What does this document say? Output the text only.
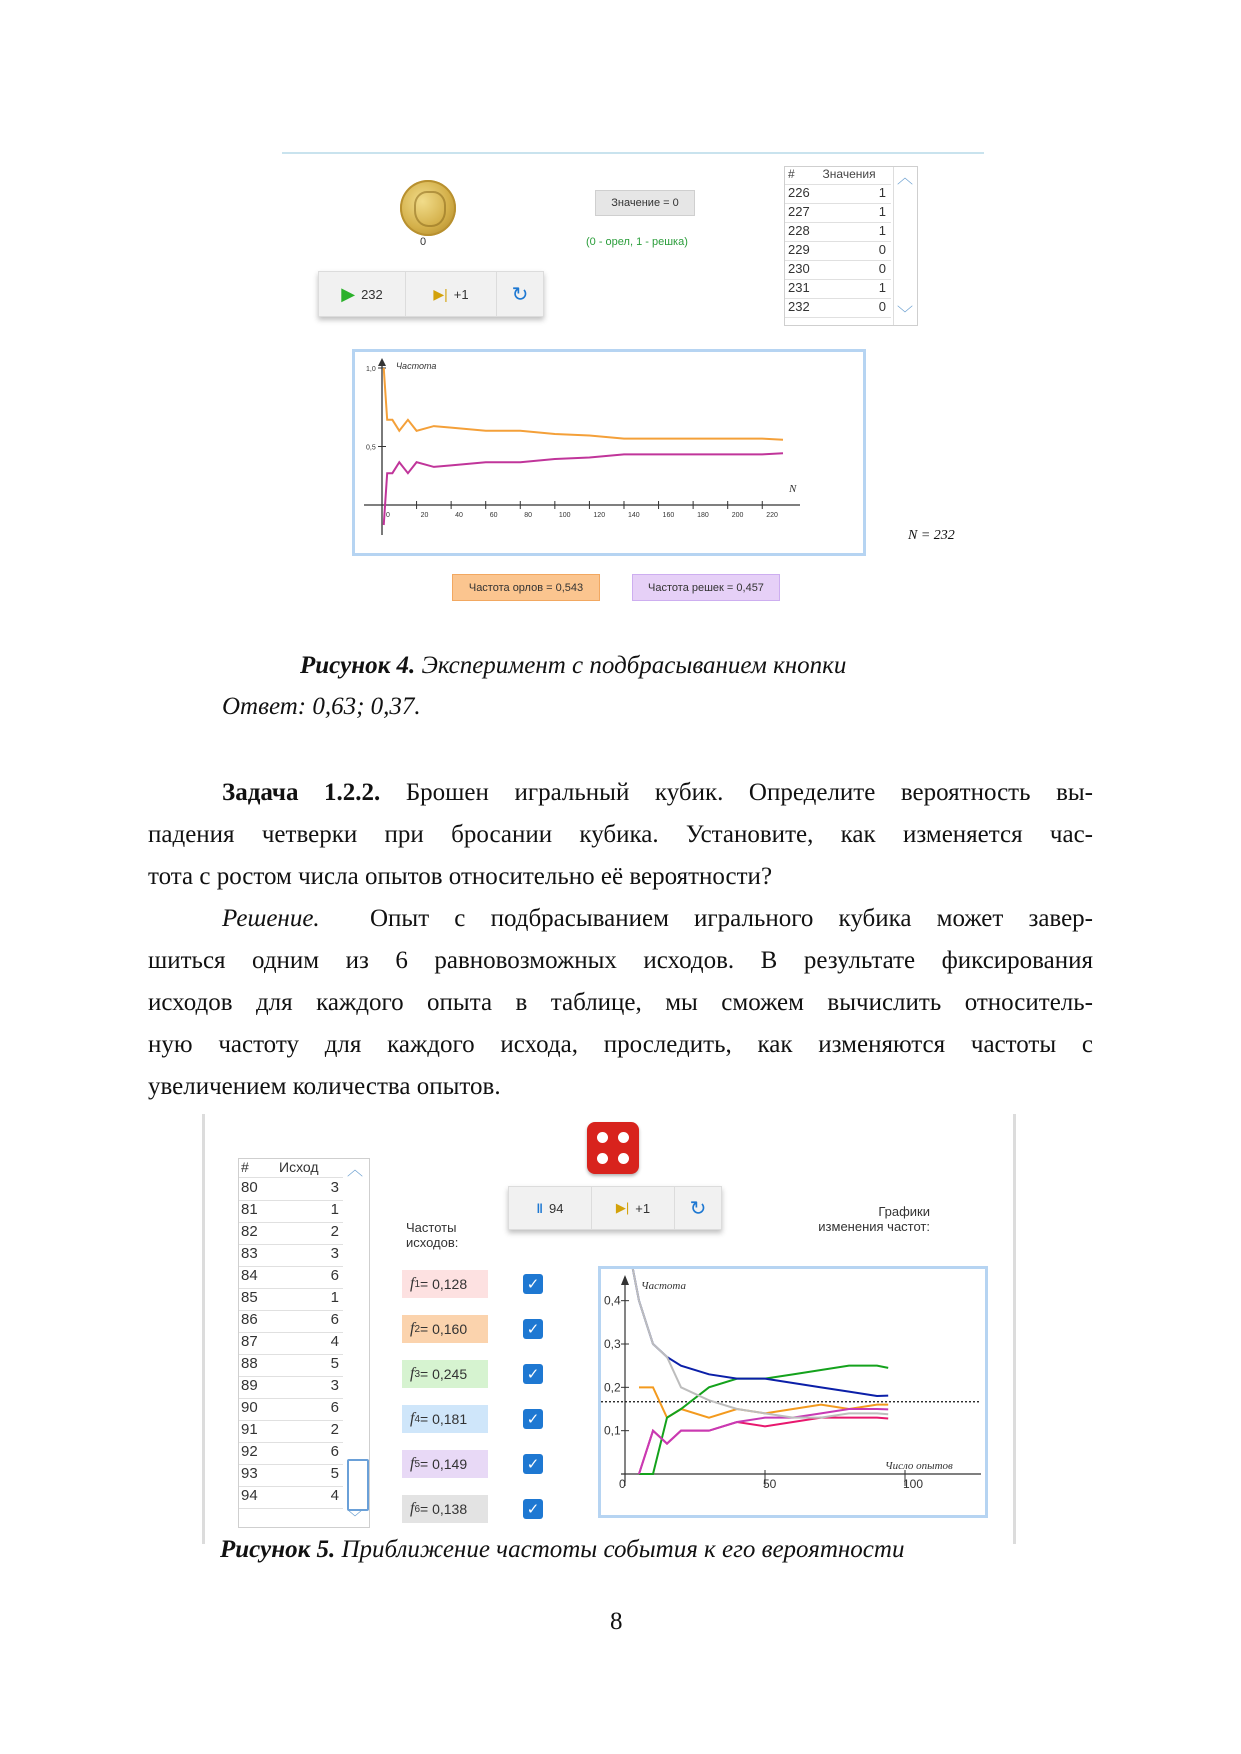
0
Значение = 0
(0 - орел, 1 - решка)
▶ 232	▶| +1 ↻
#	Значения
226	1
227	1
228	1
229	0
230	0
231	1
232	0
︿
﹀
Частота
N
0	20	40	60	80	100	120	140	160	180	200	220
1,0
0,5
N = 232
Частота орлов = 0,543	Частота решек = 0,457
Рисунок 4. Эксперимент с подбрасыванием кнопки
Ответ: 0,63; 0,37.
Задача 1.2.2. Брошен игральный кубик. Определите вероятность вы-
падения четверки при бросании кубика. Установите, как изменяется час-
тота с ростом числа опытов относительно её вероятности?
Решение. Опыт с подбрасыванием игрального кубика может завер-
шиться одним из 6 равновозможных исходов. В результате фиксирования
исходов для каждого опыта в таблице, мы сможем вычислить относитель-
ную частоту для каждого исхода, проследить, как изменяются частоты с
увеличением количества опытов.
#	Исход
80	3
81	1
82	2
83	3
84	6
85	1
86	6
87	4
88	5
89	3
90	6
91	2
92	6
93	5
94	4
︿
﹀
Частоты
исходов:
‖ 94	▶| +1 ↻	Графики
изменения частот:
f 1 = 0,128	✓
f 2 = 0,160	✓
f 3 = 0,245	✓
f 4 = 0,181	✓
f 5 = 0,149	✓
f 6 = 0,138	✓
Частота
Число опытов
0	50	100
0,4
0,3
0,2
0,1
Рисунок 5. Приближение частоты события к его вероятности
8
